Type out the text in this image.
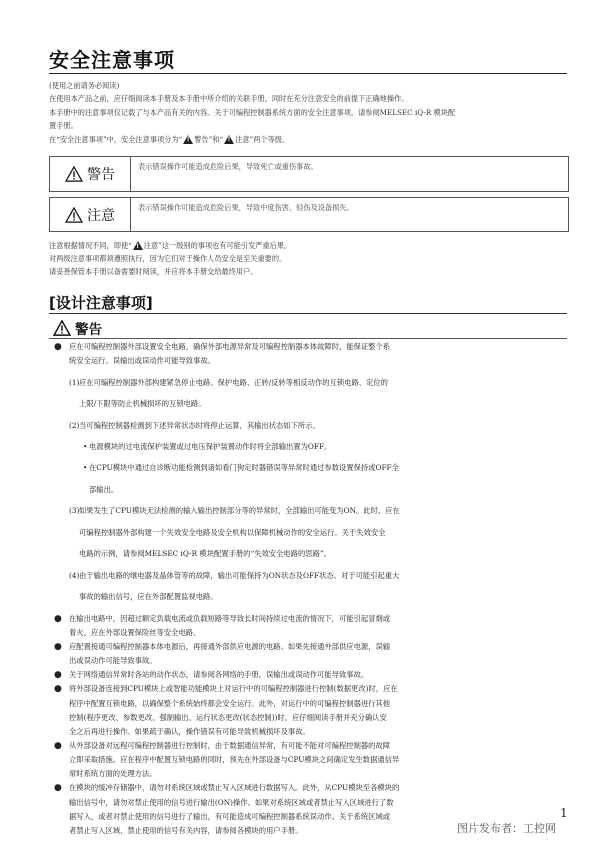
安全注意事项

(使用之前请务必阅读)

在使用本产品之前，应仔细阅读本手册及本手册中所介绍的关联手册，同时在充分注意安全的前提下正确地操作。

本手册中的注意事项仅记载了与本产品有关的内容。关于可编程控制器系统方面的安全注意事项，请参阅MELSEC iQ-R 模块配

置手册。

在“安全注意事项”中，安全注意事项分为“ ! 警告”和“ ! 注意”两个等级。

警告
表示错误操作可能造成危险后果，导致死亡或重伤事故。
注意	表示错误操作可能造成危险后果，导致中度伤害、轻伤及设备损失。

注意根据情况不同，即使“ ! 注意”这一级别的事项也有可能引发严重后果。

对两级注意事项都须遵照执行，因为它们对于操作人员安全是至关重要的。

请妥善保管本手册以备需要时阅读，并应将本手册交给最终用户。

[设计注意事项]
警告
● 应在可编程控制器外部设置安全电路，确保外部电源异常及可编程控制器本体故障时，能保证整个系

统安全运行。误输出或误动作可能导致事故。

(1) 应在可编程控制器外部构建紧急停止电路、保护电路、正转/反转等相反动作的互锁电路、定位的

上限/下限等防止机械损坏的互锁电路。

(2) 当可编程控制器检测到下述异常状态时将停止运算，其输出状态如下所示。

• 电源模块的过电流保护装置或过电压保护装置动作时将全部输出置为OFF。

• 在CPU模块中通过自诊断功能检测到诸如看门狗定时器错误等异常时通过参数设置保持或OFF全

部输出。

(3) 如果发生了CPU模块无法检测的输入输出控制部分等的异常时，全部输出可能变为ON。此时，应在

可编程控制器外部构建一个失效安全电路及安全机构以保障机械动作的安全运行。关于失效安全

电路的示例，请参阅MELSEC iQ-R 模块配置手册的“失效安全电路的思路”。

(4) 由于输出电路的继电器及晶体管等的故障，输出可能保持为ON状态及OFF状态。对于可能引起重大

事故的输出信号，应在外部配置监视电路。

● 在输出电路中，因超过额定负载电流或负载短路等导致长时间持续过电流的情况下，可能引起冒烟或

着火，应在外部设置保险丝等安全电路。

● 应配置接通可编程控制器本体电源后，再接通外部供应电源的电路。如果先接通外部供应电源，误输

出或误动作可能导致事故。

● 关于网络通信异常时各站的动作状态，请参阅各网络的手册。误输出或误动作可能导致事故。

● 将外部设备连接到CPU模块上或智能功能模块上对运行中的可编程控制器进行控制(数据更改)时，应在

程序中配置互锁电路，以确保整个系统始终都会安全运行。此外，对运行中的可编程控制器进行其他

控制(程序更改、参数更改、强制输出、运行状态更改(状态控制))时，应仔细阅读手册并充分确认安

全之后再进行操作。如果疏于确认，操作错误有可能导致机械损坏及事故。

● 从外部设备对远程可编程控制器进行控制时，由于数据通信异常，有可能不能对可编程控制器的故障

立即采取措施。应在程序中配置互锁电路的同时，预先在外部设备与CPU模块之间确定发生数据通信异

常时系统方面的处理方法。

● 在模块的缓冲存储器中，请勿对系统区域或禁止写入区域进行数据写入。此外，从CPU模块至各模块的

输出信号中，请勿对禁止使用的信号进行输出(ON)操作。如果对系统区域或者禁止写入区域进行了数

据写入，或者对禁止使用的信号进行了输出，有可能造成可编程控制器系统误动作。关于系统区域或

者禁止写入区域、禁止使用的信号有关内容，请参阅各模块的用户手册。

1
图片发布者：工控网
